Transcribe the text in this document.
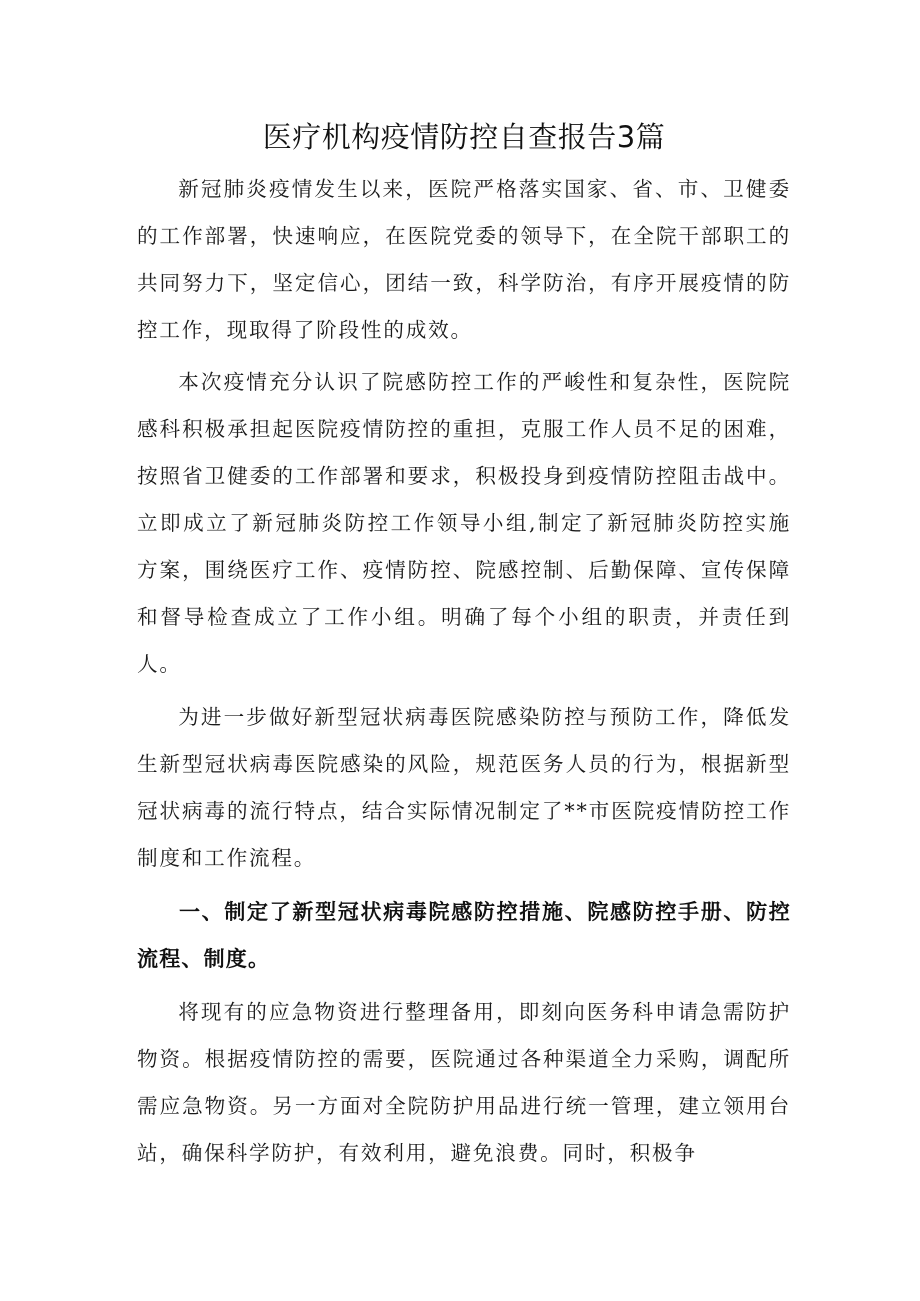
医疗机构疫情防控自查报告3篇

新冠肺炎疫情发生以来，医院严格落实国家、省、市、卫健委的工作部署，快速响应，在医院党委的领导下，在全院干部职工的共同努力下，坚定信心，团结一致，科学防治，有序开展疫情的防控工作，现取得了阶段性的成效。

本次疫情充分认识了院感防控工作的严峻性和复杂性，医院院感科积极承担起医院疫情防控的重担，克服工作人员不足的困难，按照省卫健委的工作部署和要求，积极投身到疫情防控阻击战中。立即成立了新冠肺炎防控工作领导小组,制定了新冠肺炎防控实施方案，围绕医疗工作、疫情防控、院感控制、后勤保障、宣传保障和督导检查成立了工作小组。明确了每个小组的职责，并责任到人。

为进一步做好新型冠状病毒医院感染防控与预防工作，降低发生新型冠状病毒医院感染的风险，规范医务人员的行为，根据新型冠状病毒的流行特点，结合实际情况制定了**市医院疫情防控工作制度和工作流程。

一、制定了新型冠状病毒院感防控措施、院感防控手册、防控流程、制度。

将现有的应急物资进行整理备用，即刻向医务科申请急需防护物资。根据疫情防控的需要，医院通过各种渠道全力采购，调配所需应急物资。另一方面对全院防护用品进行统一管理，建立领用台站，确保科学防护，有效利用，避免浪费。同时，积极争
